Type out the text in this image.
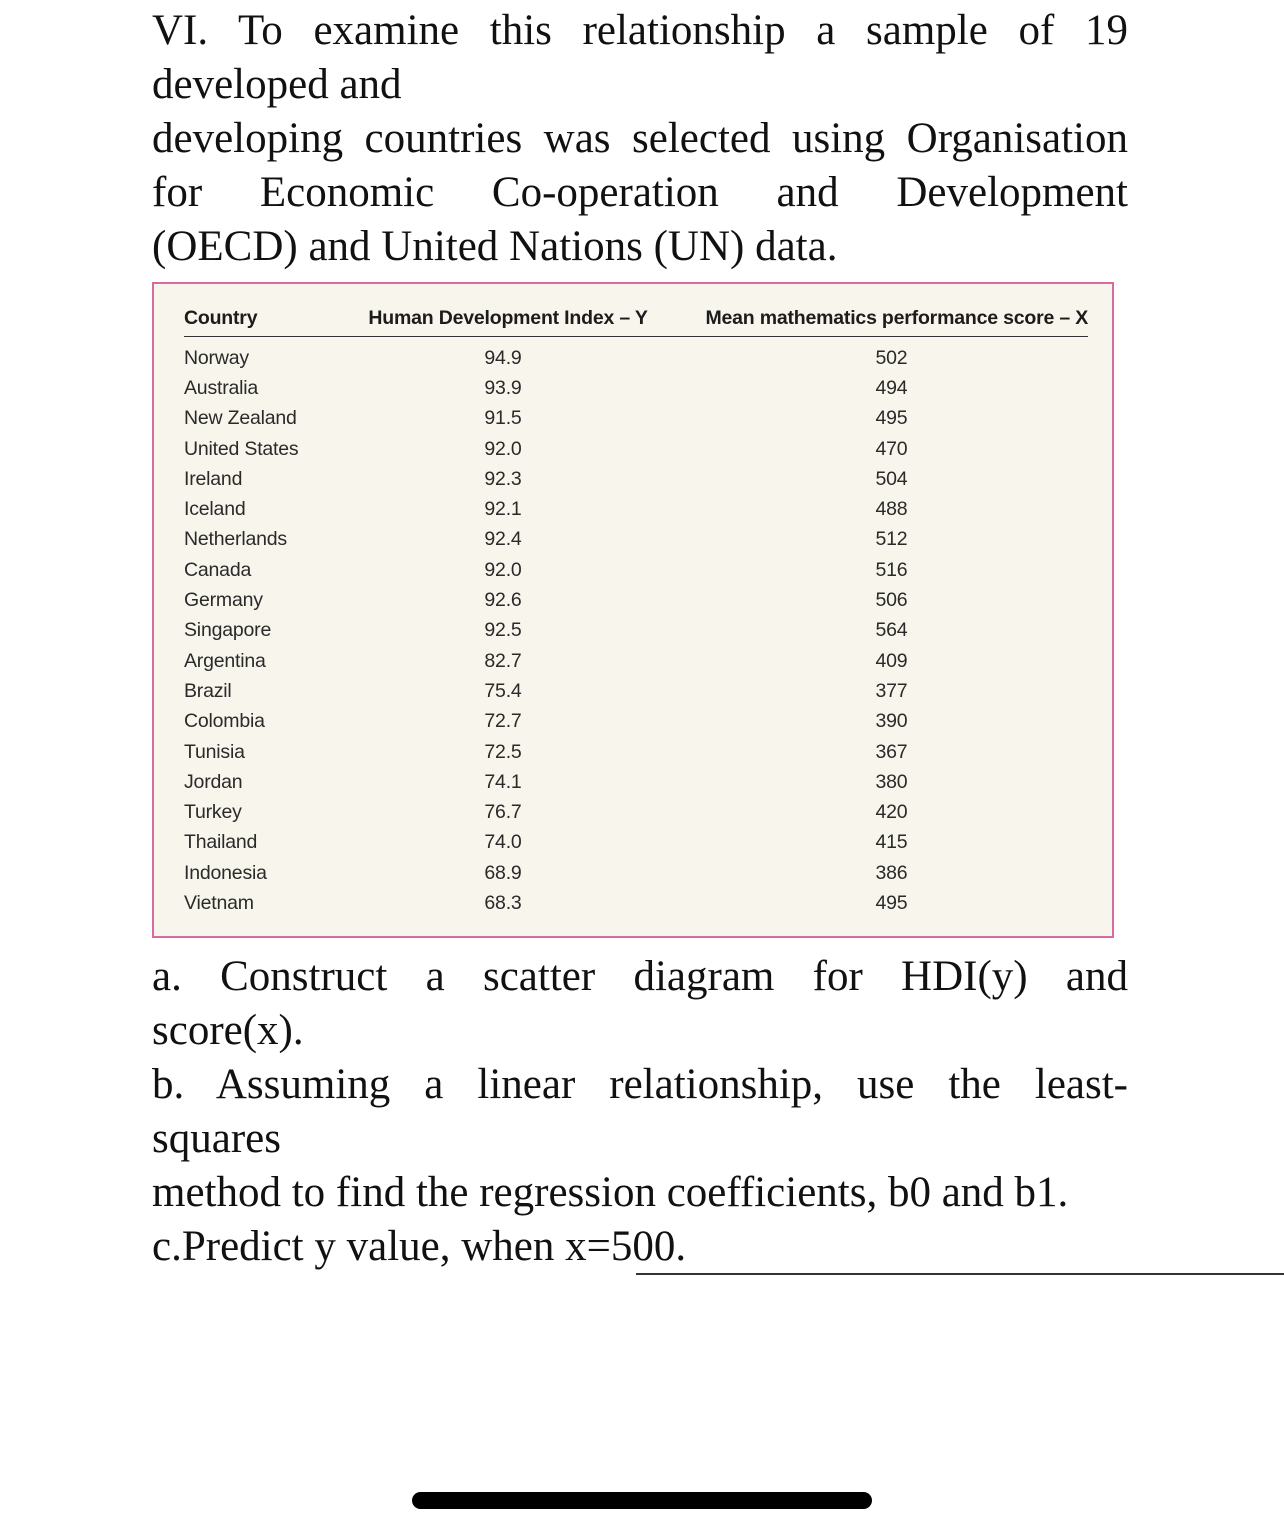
VI. To examine this relationship a sample of 19
developed and
developing countries was selected using Organisation
for Economic Co-operation and Development
(OECD) and United Nations (UN) data.
Country	Human Development Index – Y	Mean mathematics performance score – X
Norway	94.9	502
Australia	93.9	494
New Zealand	91.5	495
United States	92.0	470
Ireland	92.3	504
Iceland	92.1	488
Netherlands	92.4	512
Canada	92.0	516
Germany	92.6	506
Singapore	92.5	564
Argentina	82.7	409
Brazil	75.4	377
Colombia	72.7	390
Tunisia	72.5	367
Jordan	74.1	380
Turkey	76.7	420
Thailand	74.0	415
Indonesia	68.9	386
Vietnam	68.3	495
a. Construct a scatter diagram for HDI(y) and
score(x).
b. Assuming a linear relationship, use the least-
squares
method to find the regression coefficients, b0 and b1.
c.Predict y value, when x=500.
